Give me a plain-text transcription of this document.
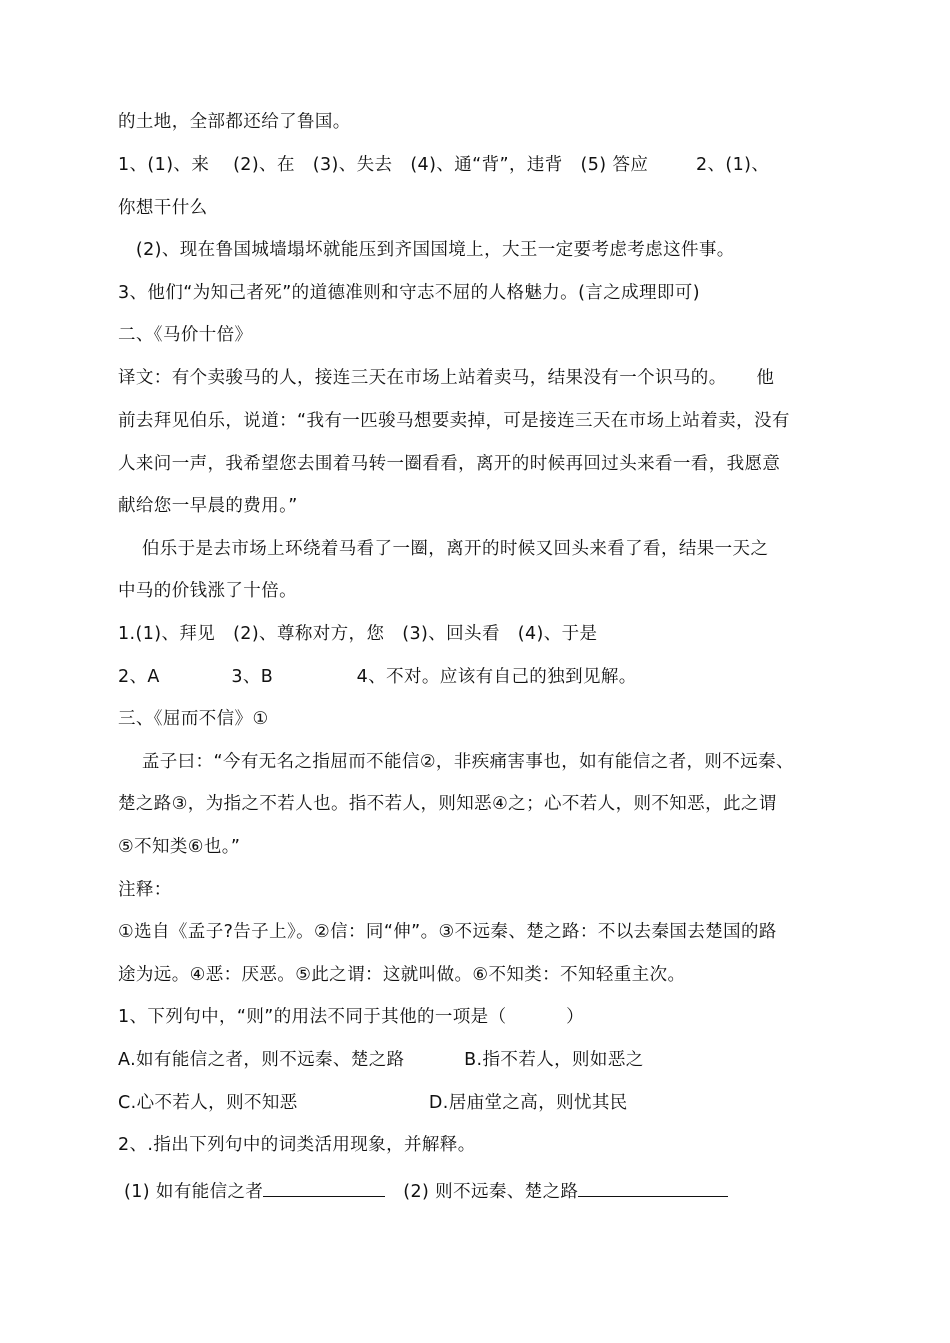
的土地，全部都还给了鲁国。

1、(1)、来    (2)、在   (3)、失去   (4)、通“背”，违背   (5) 答应        2、(1)、

你想干什么

(2)、现在鲁国城墙塌坏就能压到齐国国境上，大王一定要考虑考虑这件事。

3、他们“为知己者死”的道德准则和守志不屈的人格魅力。(言之成理即可)

二、《马价十倍》

译文：有个卖骏马的人，接连三天在市场上站着卖马，结果没有一个识马的。     他

前去拜见伯乐，说道：“我有一匹骏马想要卖掉，可是接连三天在市场上站着卖，没有

人来问一声，我希望您去围着马转一圈看看，离开的时候再回过头来看一看，我愿意

献给您一早晨的费用。”

伯乐于是去市场上环绕着马看了一圈，离开的时候又回头来看了看，结果一天之

中马的价钱涨了十倍。

1.(1)、拜见   (2)、尊称对方，您   (3)、回头看   (4)、于是

2、A            3、B              4、不对。应该有自己的独到见解。

三、《屈而不信》①

孟子曰：“今有无名之指屈而不能信②，非疾痛害事也，如有能信之者，则不远秦、

楚之路③，为指之不若人也。指不若人，则知恶④之；心不若人，则不知恶，此之谓

⑤不知类⑥也。”

注释：

①选自《孟子?告子上》。②信：同“伸”。③不远秦、楚之路：不以去秦国去楚国的路

途为远。④恶：厌恶。⑤此之谓：这就叫做。⑥不知类：不知轻重主次。

1、下列句中，“则”的用法不同于其他的一项是（          ）

A.如有能信之者，则不远秦、楚之路          B.指不若人，则如恶之

C.心不若人，则不知恶                      D.居庙堂之高，则忧其民

2、.指出下列句中的词类活用现象，并解释。

(1) 如有能信之者	(2) 则不远秦、楚之路
